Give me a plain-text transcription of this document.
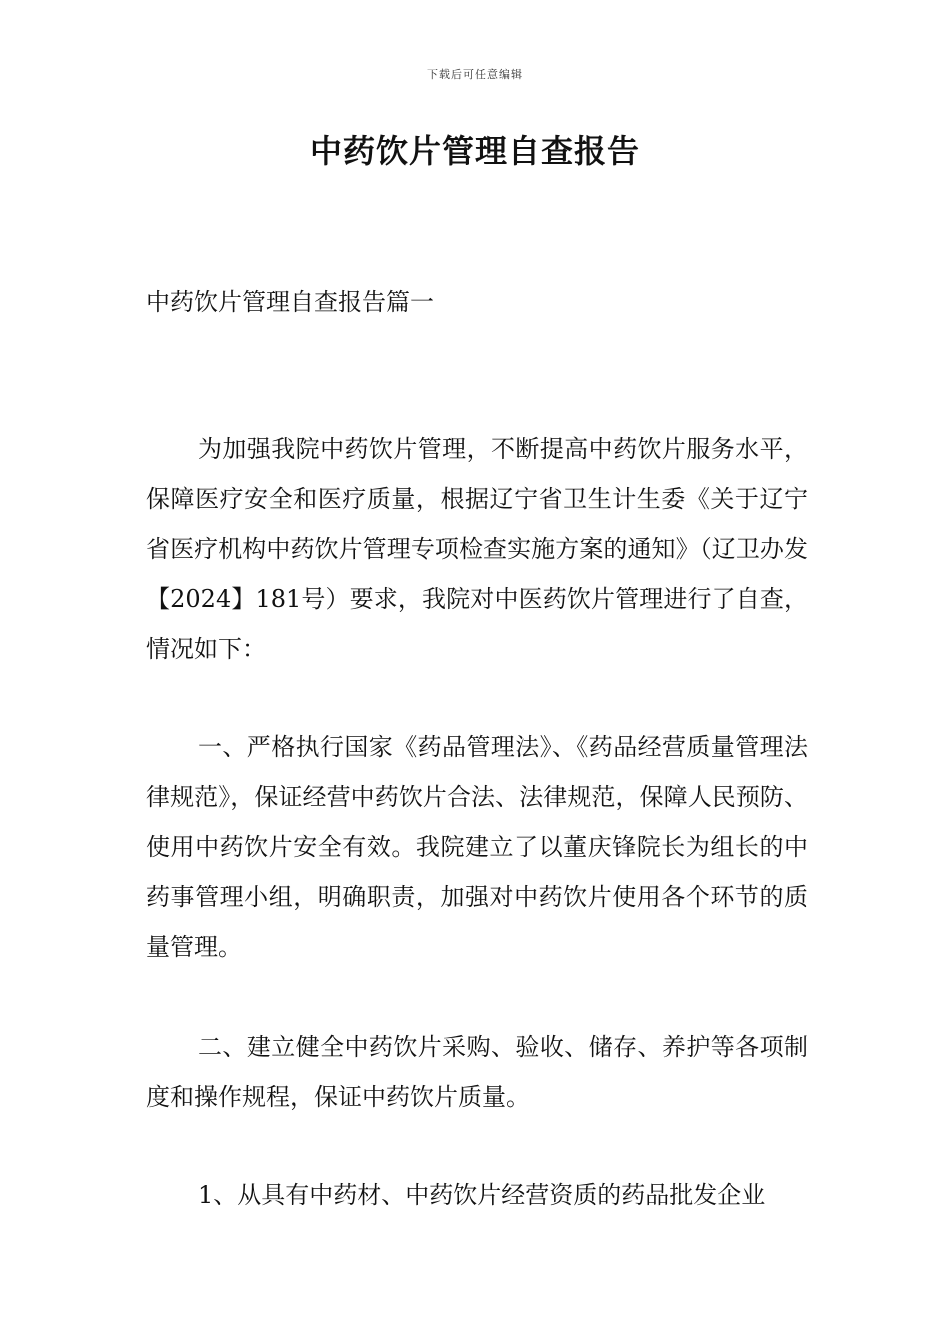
下载后可任意编辑
中药饮片管理自查报告
中药饮片管理自查报告篇一

为加强我院中药饮片管理，不断提高中药饮片服务水平，保障医疗安全和医疗质量，根据辽宁省卫生计生委《关于辽宁省医疗机构中药饮片管理专项检查实施方案的通知》（辽卫办发【2024】181号）要求，我院对中医药饮片管理进行了自查，情况如下：

一、严格执行国家《药品管理法》、《药品经营质量管理法律规范》，保证经营中药饮片合法、法律规范，保障人民预防、使用中药饮片安全有效。我院建立了以董庆锋院长为组长的中药事管理小组，明确职责，加强对中药饮片使用各个环节的质量管理。

二、建立健全中药饮片采购、验收、储存、养护等各项制度和操作规程，保证中药饮片质量。

1、从具有中药材、中药饮片经营资质的药品批发企业
